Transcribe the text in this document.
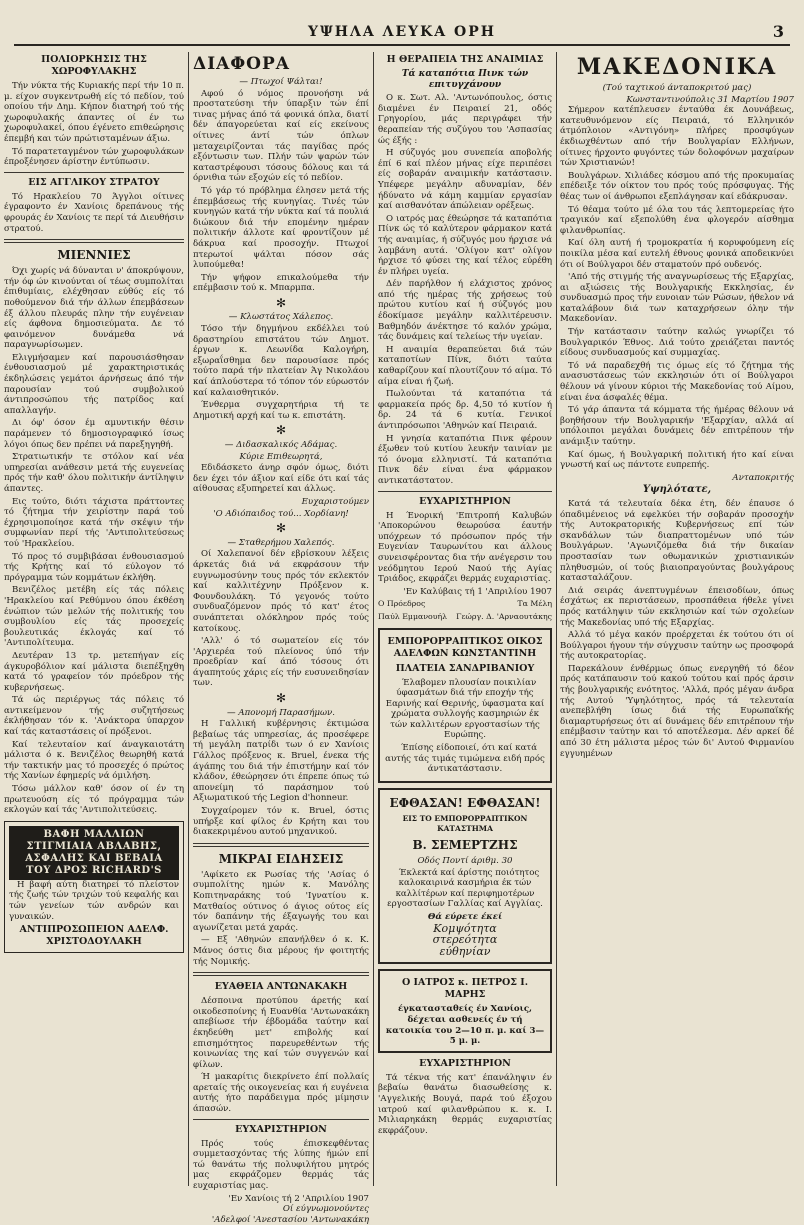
ΥΨΗΛΑ ΛΕΥΚΑ ΟΡΗ	3
ΠΟΛΙΟΡΚΗΣΙΣ ΤΗΣ ΧΩΡΟΦΥΛΑΚΗΣ

Τήν νύκτα τής Κυριακής περί τήν 10 π. μ. είχον συγκεντρωθή είς τό πεδίον, τού οποίου τήν Δημ. Κήπον διατηρή τού τής χωροφυλακής άπαντες οί έν τω χωροφυλακεί, όπου έγένετο επιθεώρησις έπεμβή και τών πρώτισταμένων άξιω.

Τό παρατεταγμένον τών χωροφυλάκων έπροξένησεν άρίστην έντύπωσιν.

ΕΙΣ ΑΓΓΛΙΚΟΥ ΣΤΡΑΤΟΥ

Τό Ηρακλείου 70 Άγγλοι οίτινες έγραφοντο έν Χανίοις δρεπάνους τής φρουράς έν Χανίοις τε περί τά Διευθήσιν στρατού.

ΜΙΕΝΝΙΕΣ

Όχι χωρίς νά δύνανται ν' άποκρύψουν, τήν όφ ών κινούνται οί τέως συμπολίται έπιθυμίαις, ελέχθησαν εύθύς είς τό ποθούμενον διά τήν άλλων έπεμβάσεων έξ άλλου πλευράς πλην τήν ευγένειαν είς άφθονα δημοσιεύματα. Δε τό φαινόμενον δυνάμεθα νά παραγνωρίσωμεν.

Ελιγμήσαμεν καί παρουσιάσθησαν ένθουσιασμού μέ χαρακτηριστικάς έκδηλώσεις γεμάτοι άρνήσεως άπό τήν παρουσίαν τού συμβολικού άντιπροσώπου τής πατρίδος καί απαλλαγήν.

Δι όφ' όσον έμ αμυντικήν θέσιν παράμενεν τό δημοσιογραφικό ίσως λόγοι όπως δεν πρέπει νά παρεξηγηθή.

Στρατιωτικήν τε στόλον καί νέα υπηρεσίαι ανάθεσιν μετά τής ευγενείας πρός τήν καθ' όλου πολιτικήν άντίληψιν άπαντες.

Εις τούτο, διότι τάχιστα πράττοντες τό ζήτημα τήν χειρίστην παρά τού έχρησιμοποίησε κατά τήν σκέψιν τήν συμφωνίαν περί τής 'Αντιπολιτεύσεως τού 'Ηρακλείου.

Τό προς τό συμβιβάσαι ένθουσιασμού τής Κρήτης καί τό εύλογον τό πρόγραμμα τών κομμάτων έκλήθη.

Βενιζέλος μετέβη είς τάς πόλεις 'Ηρακλείου καί Ρεθύμνου όπου έκθέση ένώπιον τών μελών τής πολιτικής του συμβουλίου είς τάς προσεχείς βουλευτικάς έκλογάς καί τό 'Αντιπολίτευμα.

Δευτέραν 13 τρ. μετεπήγαν είς άγκυροβόλιον καί μάλιστα διεπέξηχθη κατά τό γραφείον τόν πρόεδρον τής κυβερνήσεως.

Τά ώς περιέργως τάς πόλεις τό αντικείμενον τής συζητήσεως έκλήθησαν τόν κ. 'Ανάκτορα ύπαρχον καί τάς καταστάσεις οί πρόξενοι.

Καί τελευταίον καί άναγκαιοτάτη μάλιστα ό κ. Βενιζέλος θεωρηθή κατά τήν τακτικήν μας τό προσεχές ό πρώτος τής Χανίων έφημερίς νά όμιλήση.

Τόσω μάλλον καθ' όσον οί έν τη πρωτευούση είς τό πρόγραμμα τών εκλογών καί τάς 'Αντιπολιτεύσεις.

ΒΑΦΗ ΜΑΛΛΙΩΝ ΣΤΙΓΜΙΑΙΑ ΑΒΛΑΒΗΣ, ΑΣΦΑΛΗΣ ΚΑΙ ΒΕΒΑΙΑ ΤΟΥ ΔΡΟΣ RICHARD'S

Η βαφή αύτη διατηρεί τό πλείστον τής ζωής τών τριχών τού κεφαλής και τών γενείων τών ανδρών και γυναικών.

ΑΝΤΙΠΡΟΣΩΠΕΙΟΝ ΑΔΕΛΦ. ΧΡΙΣΤΟΔΟΥΛΑΚΗ
ΔΙΑΦΟΡΑ
— Πτωχοί Ψάλται!

Αφού ό νόμος προνοήσηι νά προστατεύσηι τήν ύπαρξιν τών έπί τινας μήνας άπό τά φονικά όπλα, διατί δέν άπαγορεύεται καί είς εκείνους οίτινες άντί τών όπλων μεταχειρίζονται τάς παγίδας πρός εξόντωσιν των. Πλήν τών ψαρών τών καταστρέφουσι τόσους δόλους και τά όρνιθια τών εξοχών είς τό πεδίον.

Τό γάρ τό πρόβλημα έλησεν μετά τής έπεμβάσεως τής κυνηγίας. Τινές τών κυνηγών κατά τήν νύκτα καί τά πουλιά διώκουν διά τήν επομένην ημέραν πολιτικήν άλλοτε καί φροντίζουν μέ δάκρυα καί προσοχήν. Πτωχοί πτερωτοί ψάλται πόσον σάς λυπούμεθα!

Τήν ψήφον επικαλούμεθα τήν επέμβασιν τού κ. Μπαρμπα.

✻
— Κλωστάτος Χάλεπος.

Τόσο τήν δηγμήνου εκδέλλει τού δραστηρίου επιστάτου τών Δημοτ. έργων κ. Λεωνίδα Καλογήρη, εξωραΐσθημα δεν παρουσίασε πρός τούτο παρά τήν πλατείαν Άγ Νικολάου καί άπλούστερα τό τόπον τόν εύρωστόν καί καλαισθητικόν.

Ένθερμα συγχαρητήρια τή τε Δημοτική αρχή καί τω κ. επιστάτη.

✻
— Διδασκαλικός Αδάμας.
Κύριε Επιθεωρητά,

Εδιδάσκετο άνηρ σφόν όμως, διότι δεν έχει τόν άξιον καί είδε ότι καί τάς αίθουσας εξυπηρετεί και άλλως.

Ευχαριστούμεν
'Ο Αδιόπαιδος τού... Χορδίανη!
✻
— Σταθερήμου Χαλεπός.

Οί Χαλεπανοί δέν εβρίσκουν λέξεις άρκετάς διά νά εκφράσουν τήν ευγνωμοσύνην τους πρός τόν εκλεκτόν καί καλλιτέχνην Πρόξενον κ. Φουνδουλάκη. Τό γεγονός τούτο συνδυαζόμενον πρός τό κατ' έτος συνάπτεται ολόκληρον πρός τούς κατοίκους.

'Αλλ' ό τό σωματείον είς τόν 'Αρχιερέα τού πλείονος ύπό τήν προεδρίαν καί άπό τόσους ότι άγαπητούς χάρις είς τήν ευσυνειδησίαν των.

✻
— Απονομή Παρασήμων.

Η Γαλλική κυβέρνησις έκτιμώσα βεβαίως τάς υπηρεσίας, άς προσέφερε τή μεγάλη πατρίδι των ό εν Χανίοις Γάλλος πρόξενος κ. Bruel, ένεκα τής άγάπης του διά τήν έπιστήμην καί τόν κλάδον, έθεώρησεν ότι έπρεπε όπως τώ απονείμη τό παράσημον τού Αξιωματικού τής Legion d'honneur.

Συγχαίρομεν τόν κ. Bruel, όστις υπήρξε καί φίλος έν Κρήτη και του διακεκριμένου αυτού μηχανικού.

ΜΙΚΡΑΙ ΕΙΔΗΣΕΙΣ

'Αφίκετο εκ Ρωσίας τής 'Ασίας ό συμπολίτης ημών κ. Μανόλης Κοπιτηναράκης τού 'Ιγνατίου κ. Ματθαίος ούτινος ό άγιος ούτος είς τόν δαπάνην τής έξαγωγής του και αγωνίζεται μετά χαράς.

— Εξ 'Αθηνών επανήλθεν ό κ. Κ. Μάνος όστις δια μέρους ήν φοιτητής τής Νομικής.

ΕΥΑΘΕΙΑ ΑΝΤΩΝΑΚΑΚΗ

Δέσποινα προτύπου άρετής καί οικοδεσποίνης ή Ευανθία 'Αντωνακάκη απεβίωσε τήν έβδομάδα ταύτην καί έκηδεύθη μετ' επιβολής καί επισημότητος παρευρεθέντων τής κοινωνίας της καί τών συγγενών καί φίλων.

Ή μακαρίτις διεκρίνετο έπί πολλαίς αρεταίς τής οικογενείας και ή ευγένεια αυτής ήτο παράδειγμα πρός μίμησιν άπασών.

ΕΥΧΑΡΙΣΤΗΡΙΟΝ

Πρός τούς έπισκεφθέντας συμμετασχόντας τής λύπης ήμών επί τώ θανάτω τής πολυφιλήτου μητρός μας εκφράζομεν θερμάς τάς ευχαριστίας μας.

'Εν Χανίοις τή 2 'Απριλίου 1907
Οί εύγνωμονούντες
'Αδελφοί 'Ανεστασίου 'Αντωνακάκη
Η ΘΕΡΑΠΕΙΑ ΤΗΣ ΑΝΑΙΜΙΑΣ
Τά καταπότια Πινκ τών επιτυγχάνουν

Ο κ. Σωτ. Αλ. 'Αντωνόπουλος, όστις διαμένει έν Πειραιεί 21, οδός Γρηγορίου, μάς περιγράφει τήν θεραπείαν τής συζύγου του 'Ασπασίας ώς έξής :

Η σύζυγός μου συνεπεία αποβολής έπί 6 καί πλέον μήνας είχε περιπέσει είς σοβαράν αναιμικήν κατάστασιν. Υπέφερε μεγάλην αδυναμίαν, δέν ήδύνατο νά κάμη καμμίαν εργασίαν καί αισθανόταν άπώλειαν ορέξεως.

Ο ιατρός μας έθεώρησε τά καταπότια Πίνκ ώς τό καλύτερον φάρμακον κατά τής αναιμίας, ή σύζυγός μου ήρχισε νά λαμβάνη αυτά. 'Ολίγον κατ' ολίγον ήρχισε τό φύσει της καί τέλος εύρέθη έν πλήρει υγεία.

Δέν παρήλθον ή ελάχιστος χρόνος από τής ημέρας τής χρήσεως τού πρώτου κυτίου καί ή σύζυγός μου έδοκίμασε μεγάλην καλλιτέρευσιν. Βαθμηδόν άνέκτησε τό καλόν χρώμα, τάς δυνάμεις καί τελείως τήν υγείαν.

Η αναιμία θεραπεύεται διά τών καταποτίων Πίνκ, διότι ταύτα καθαρίζουν καί πλουτίζουν τό αίμα. Τό αίμα είναι ή ζωή.

Πωλούνται τά καταπότια τά φαρμακεία πρός δρ. 4,50 τό κυτίον ή δρ. 24 τά 6 κυτία. Γενικοί άντιπρόσωποι 'Αθηνών καί Πειραιά.

Η γνησία καταπότια Πινκ φέρουν έξωθεν τού κυτίου λευκήν ταινίαν με τό όνομα ελληνιστί. Τά καταπότια Πινκ δέν είναι ένα φάρμακον αντικατάστατον.

ΕΥΧΑΡΙΣΤΗΡΙΟΝ

Η Ένορική 'Επιτροπή Καλυβών 'Αποκορώνου θεωρούσα έαυτήν υπόχρεων τό πρόσωπον πρός τήν Ευγενίαν Ταυρωνίτου και άλλους συνεισφέροντας δια τήν ανέγερσιν του νεόδμητου Ιερού Ναού τής Αγίας Τριάδος, εκφράζει θερμάς ευχαριστίας.

'Εν Καλύβαις τή 1 'Απριλίου 1907
Ο Πρόεδρος	Τα Μέλη
Παύλ Εμμανουήλ Γεώργ. Δ. 'Αρναουτάκης
ΕΜΠΟΡΟΡΡΑΠΤΙΚΟΣ ΟΙΚΟΣ ΑΔΕΛΦΩΝ ΚΩΝΣΤΑΝΤΙΝΗ
ΠΛΑΤΕΙΑ ΣΑΝΔΡΙΒΑΝΙΟΥ

Έλαβομεν πλουσίαν ποικιλίαν ύφασμάτων διά τήν εποχήν τής Εαρινής καί Θερινής, ύφασματα καί χρώματα συλλογής κασμηριών έκ τών καλλιτέρων εργοστασίων τής Ευρώπης.

Έπίσης είδοποιεί, ότι καί κατά αυτής τάς τιμάς τιμώμενα ειδή πρός άντικατάστασιν.

ΕΦΘΑΣΑΝ! ΕΦΘΑΣΑΝ!
ΕΙΣ ΤΟ ΕΜΠΟΡΟΡΡΑΠΤΙΚΟΝ ΚΑΤΑΣΤΗΜΑ
Β. ΣΕΜΕΡΤΖΗΣ
Οδός Ποντί άριθμ. 30

Έκλεκτά καί άρίστης ποιότητος καλοκαιρινά κασμήρια έκ τών καλλίτέρων καί περιφημοτέρων εργοστασίων Γαλλίας καί Αγγλίας.

Θά εύρετε έκεί
Κομψότητα
στερεότητα
εύθηνίαν
Ο ΙΑΤΡΟΣ κ. ΠΕΤΡΟΣ Ι. ΜΑΡΗΣ
έγκατασταθείς έν Χανίοις, δέχεται ασθενείς έν τή κατοικία του 2—10 π. μ. καί 3—5 μ. μ.
ΕΥΧΑΡΙΣΤΗΡΙΟΝ

Τά τέκνα τής κατ' έπανάληψιν έν βεβαίω θανάτω διασωθείσης κ. 'Αγγελικής Βουγά, παρά τού έξοχου ιατρού καί φιλανθρώπου κ. κ. Ι. Μιλιαρηκάκη θερμάς ευχαριστίας εκφράζουν.

ΜΑΚΕΔΟΝΙΚΑ
(Τού ταχτικού άνταποκριτού μας)
Κωνσταντινούπολις 31 Μαρτίου 1907

Σήμερον κατέπλευσεν ένταύθα έκ Δουνάβεως, κατευθυνόμενον είς Πειραιά, τό Ελληνικόν άτμόπλοιον «Αντιγόνη» πλήρες προσφύγων έκδιωχθέντων από τήν Βουλγαρίαν Ελλήνων, οίτινες ήρχοντο φυγόντες τών δολοφόνων μαχαίρων τών Χριστιανών!

Βουλγάρων. Χιλιάδες κόσμου από τής προκυμαίας επέδειξε τόν οίκτον του πρός τούς πρόσφυγας. Τής θέας των οί άνθρωποι εξεπλάγησαν καί εδάκρυσαν.

Τό θέαμα τούτο μέ όλα του τάς λεπτομερείας ήτο τραγικόν καί εξεπολύθη ένα φλογερόν αίσθημα φιλανθρωπίας.

Καί όλη αυτή ή τρομοκρατία ή κορυφούμενη είς ποικίλα μέσα καί ευτελή έθνους φονικά αποδεικνύει ότι οί Βούλγαροι δέν σταματούν πρό ουδενός.

'Από τής στιγμής τής αναγνωρίσεως τής Εξαρχίας, αι αξιώσεις τής Βουλγαρικής Εκκλησίας, έν συνδυασμώ προς τήν ευνοιαν τών Ρώσων, ήθελον νά καταλάβουν διά των καταχρήσεων όλην τήν Μακεδονίαν.

Τήν κατάστασιν ταύτην καλώς γνωρίζει τό Βουλγαρικόν Έθνος. Διά τούτο χρειάζεται παντός είδους συνδυασμούς καί συμμαχίας.

Τό νά παραδεχθή τις όμως είς τό ζήτημα τής ανασυστάσεως τών εκκλησιών ότι οί Βούλγαροι θέλουν νά γίνουν κύριοι τής Μακεδονίας τού Αίμου, είναι ένα άσφαλές θέμα.

Τό γάρ άπαντα τά κόμματα τής ήμέρας θέλουν νά βοηθήσουν τήν Βουλγαρικήν 'Εξαρχίαν, αλλά αί υπόλοιποι μεγάλαι δυνάμεις δέν επιτρέπουν τήν ανάμιξιν ταύτην.

Καί όμως, ή Βουλγαρική πολιτική ήτο καί είναι γνωστή καί ως πάντοτε ευπρεπής.

Ανταποκριτής
Υψηλότατε,

Κατά τά τελευταία δέκα έτη, δέν έπαυσε ό όπαδιμένειος νά εφελκύει τήν σοβαράν προσοχήν τής Αυτοκρατορικής Κυβερνήσεως επί τών σκανδάλων τών διαπραττομένων υπό τών Βουλγάρων. 'Αγωνιζόμεθα διά τήν δικαίαν προστασίαν των οθωμανικών χριστιανικών πληθυσμών, οί τούς βιαιοπραγούντας βουλγάρους κατασταλάζουν.

Διά σειράς άνεπτυγμένων έπεισοδίων, όπως έσχάτως εκ περιστάσεων, προσπάθεια ήθελε γίνει πρός κατάληψιν τών εκκλησιών καί τών σχολείων τής Μακεδονίας υπό τής Εξαρχίας.

Αλλά τό μέγα κακόν προέρχεται έκ τούτου ότι οί Βούλγαροι ήγουν τήν σύγχυσιν ταύτην ως προσφορά τής αυτοκρατορίας.

Παρεκάλουν ένθέρμως όπως ενεργηθή τό δέον πρός κατάπαυσιν τού κακού τούτου καί πρός άρσιν τής βουλγαρικής ενότητος. 'Αλλά, πρός μέγαν άνδρα τής Αυτού 'Υψηλότητος, πρός τά τελευταία ανεπεβλήθη ίσως διά τής Ευρωπαϊκής διαμαρτυρήσεως ότι αί δυνάμεις δέν επιτρέπουν τήν επέμβασιν ταύτην και τό αποτέλεσμα. Δέν αρκεί δέ από 30 έτη μάλιστα μέρος τών δι' Αυτού Φιρμανίου εγγυημένων
